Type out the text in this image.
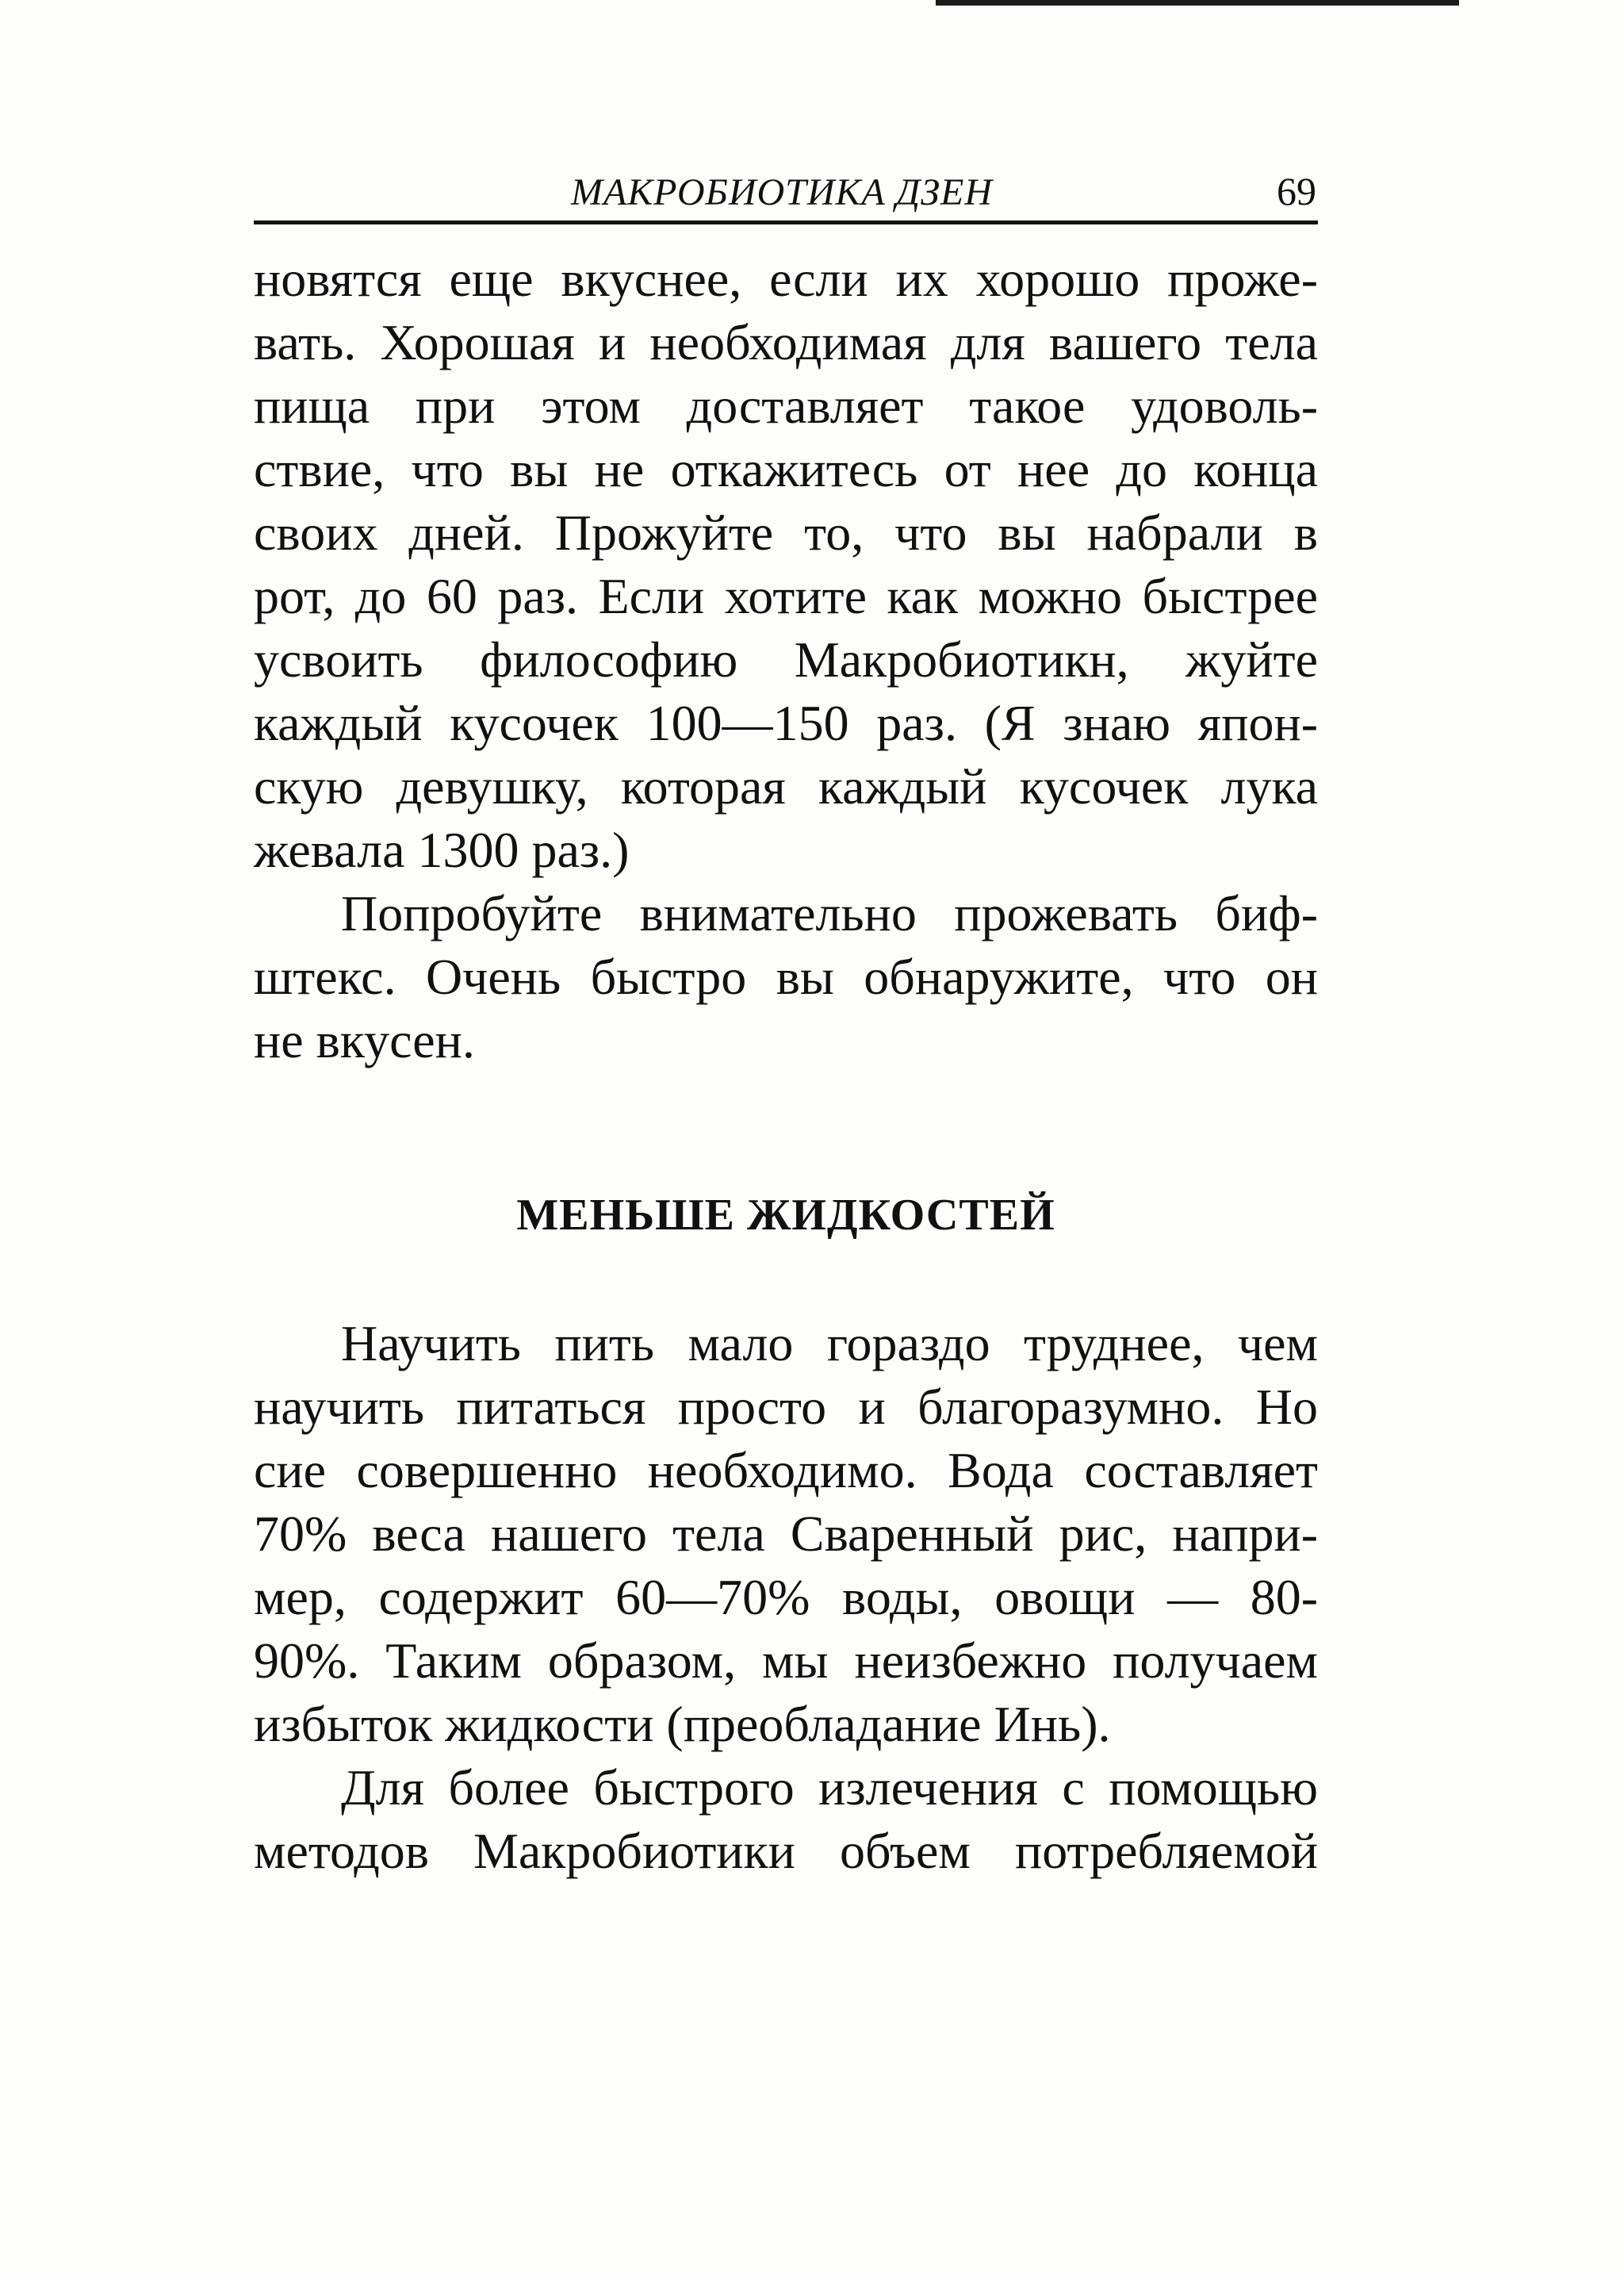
МАКРОБИОТИКА ДЗЕН	69
новятся еще вкуснее, если их хорошо проже-
вать. Хорошая и необходимая для вашего тела
пища при этом доставляет такое удоволь-
ствие, что вы не откажитесь от нее до конца
своих дней. Прожуйте то, что вы набрали в
рот, до 60 раз. Если хотите как можно быстрее
усвоить философию Макробиотикн, жуйте
каждый кусочек 100—150 раз. (Я знаю япон-
скую девушку, которая каждый кусочек лука
жевала 1300 раз.)
Попробуйте внимательно прожевать биф-
штекс. Очень быстро вы обнаружите, что он
не вкусен.
МЕНЬШЕ ЖИДКОСТЕЙ
Научить пить мало гораздо труднее, чем
научить питаться просто и благоразумно. Но
сие совершенно необходимо. Вода составляет
70% веса нашего тела Сваренный рис, напри-
мер, содержит 60—70% воды, овощи — 80-
90%. Таким образом, мы неизбежно получаем
избыток жидкости (преобладание Инь).
Для более быстрого излечения с помощью
методов Макробиотики объем потребляемой
